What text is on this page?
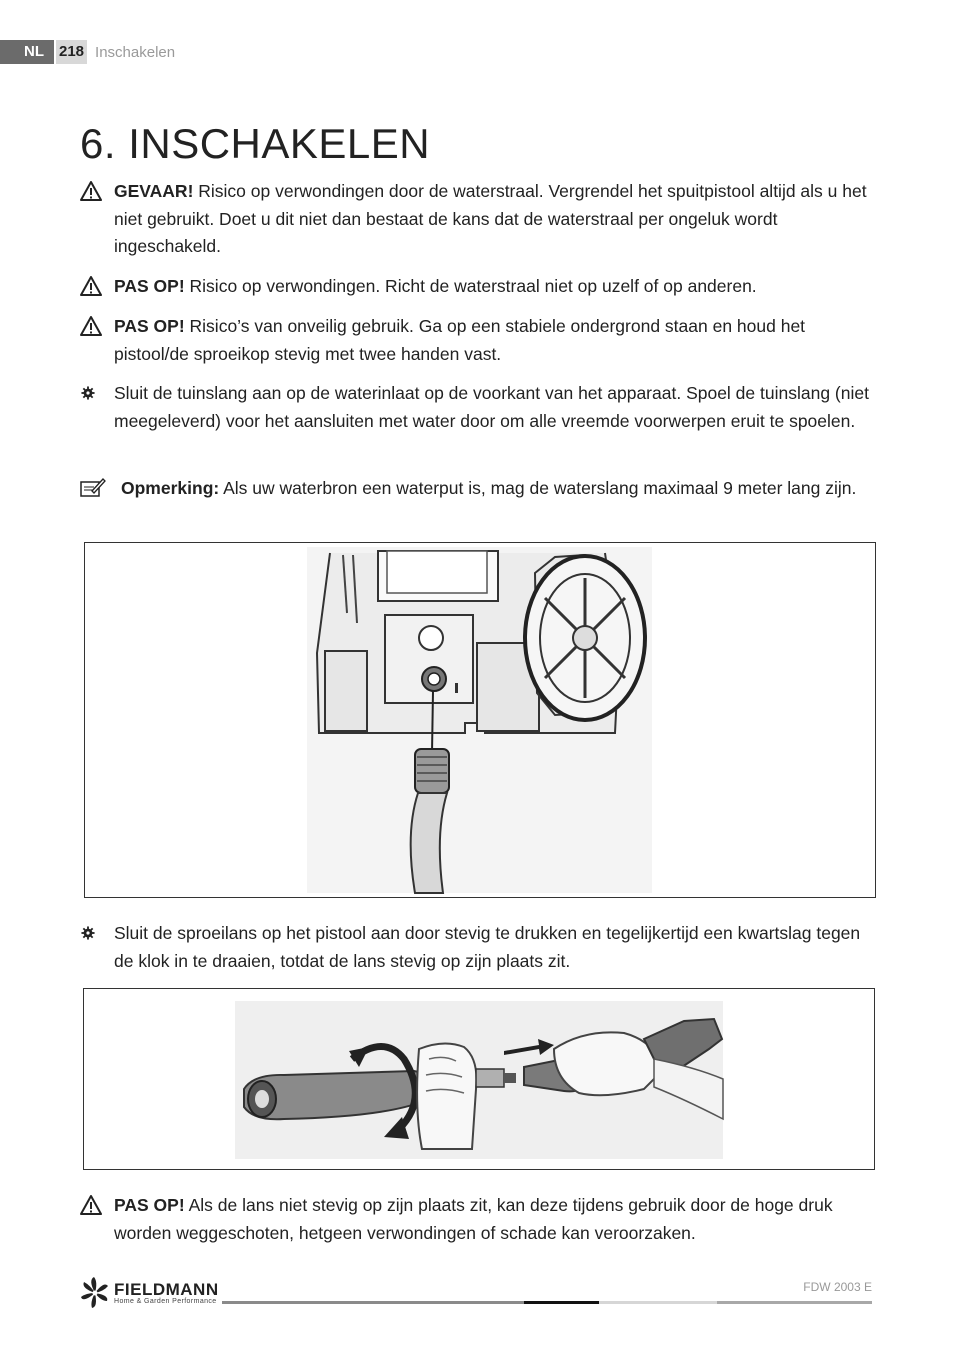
NL	218 Inschakelen
6. INSCHAKELEN
GEVAAR! Risico op verwondingen door de waterstraal. Vergrendel het spuitpistool altijd als u het niet gebruikt. Doet u dit niet dan bestaat de kans dat de waterstraal per ongeluk wordt ingeschakeld.
PAS OP! Risico op verwondingen. Richt de waterstraal niet op uzelf of op anderen.
PAS OP! Risico’s van onveilig gebruik. Ga op een stabiele ondergrond staan en houd het pistool/de sproeikop stevig met twee handen vast.
Sluit de tuinslang aan op de waterinlaat op de voorkant van het apparaat. Spoel de tuinslang (niet meegeleverd) voor het aansluiten met water door om alle vreemde voorwerpen eruit te spoelen.
Opmerking: Als uw waterbron een waterput is, mag de waterslang maximaal 9 meter lang zijn.
Sluit de sproeilans op het pistool aan door stevig te drukken en tegelijkertijd een kwartslag tegen de klok in te draaien, totdat de lans stevig op zijn plaats zit.
PAS OP! Als de lans niet stevig op zijn plaats zit, kan deze tijdens gebruik door de hoge druk worden weggeschoten, hetgeen verwondingen of schade kan veroorzaken.
FIELDMANN
Home & Garden Performance
FDW 2003 E
